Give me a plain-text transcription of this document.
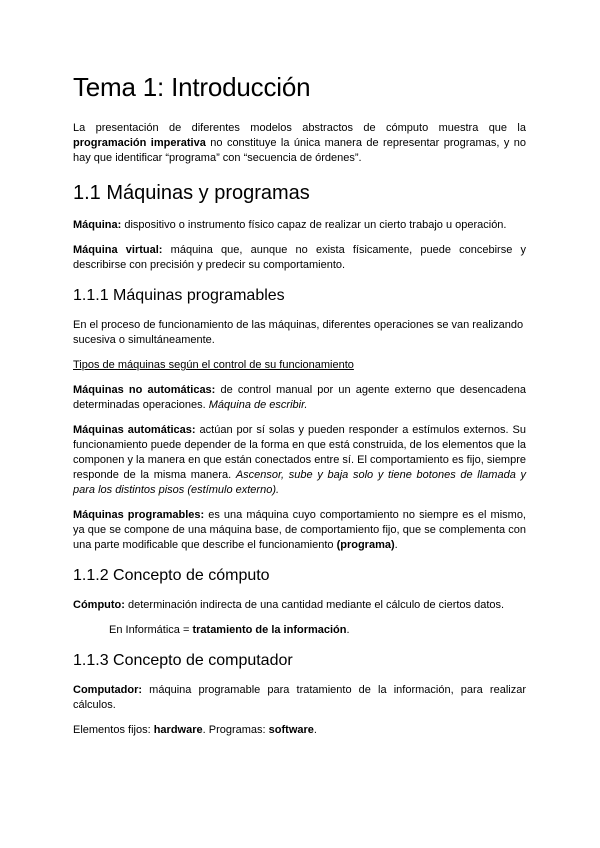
Tema 1: Introducción

La presentación de diferentes modelos abstractos de cómputo muestra que la programación imperativa no constituye la única manera de representar programas, y no hay que identificar “programa” con “secuencia de órdenes”.

1.1 Máquinas y programas

Máquina: dispositivo o instrumento físico capaz de realizar un cierto trabajo u operación.

Máquina virtual: máquina que, aunque no exista físicamente, puede concebirse y describirse con precisión y predecir su comportamiento.

1.1.1 Máquinas programables

En el proceso de funcionamiento de las máquinas, diferentes operaciones se van realizando sucesiva o simultáneamente.

Tipos de máquinas según el control de su funcionamiento

Máquinas no automáticas: de control manual por un agente externo que desencadena determinadas operaciones. Máquina de escribir.

Máquinas automáticas: actúan por sí solas y pueden responder a estímulos externos. Su funcionamiento puede depender de la forma en que está construida, de los elementos que la componen y la manera en que están conectados entre sí. El comportamiento es fijo, siempre responde de la misma manera. Ascensor, sube y baja solo y tiene botones de llamada y para los distintos pisos (estímulo externo).

Máquinas programables: es una máquina cuyo comportamiento no siempre es el mismo, ya que se compone de una máquina base, de comportamiento fijo, que se complementa con una parte modificable que describe el funcionamiento (programa).

1.1.2 Concepto de cómputo

Cómputo: determinación indirecta de una cantidad mediante el cálculo de ciertos datos.

En Informática = tratamiento de la información.

1.1.3 Concepto de computador

Computador: máquina programable para tratamiento de la información, para realizar cálculos.

Elementos fijos: hardware. Programas: software.
